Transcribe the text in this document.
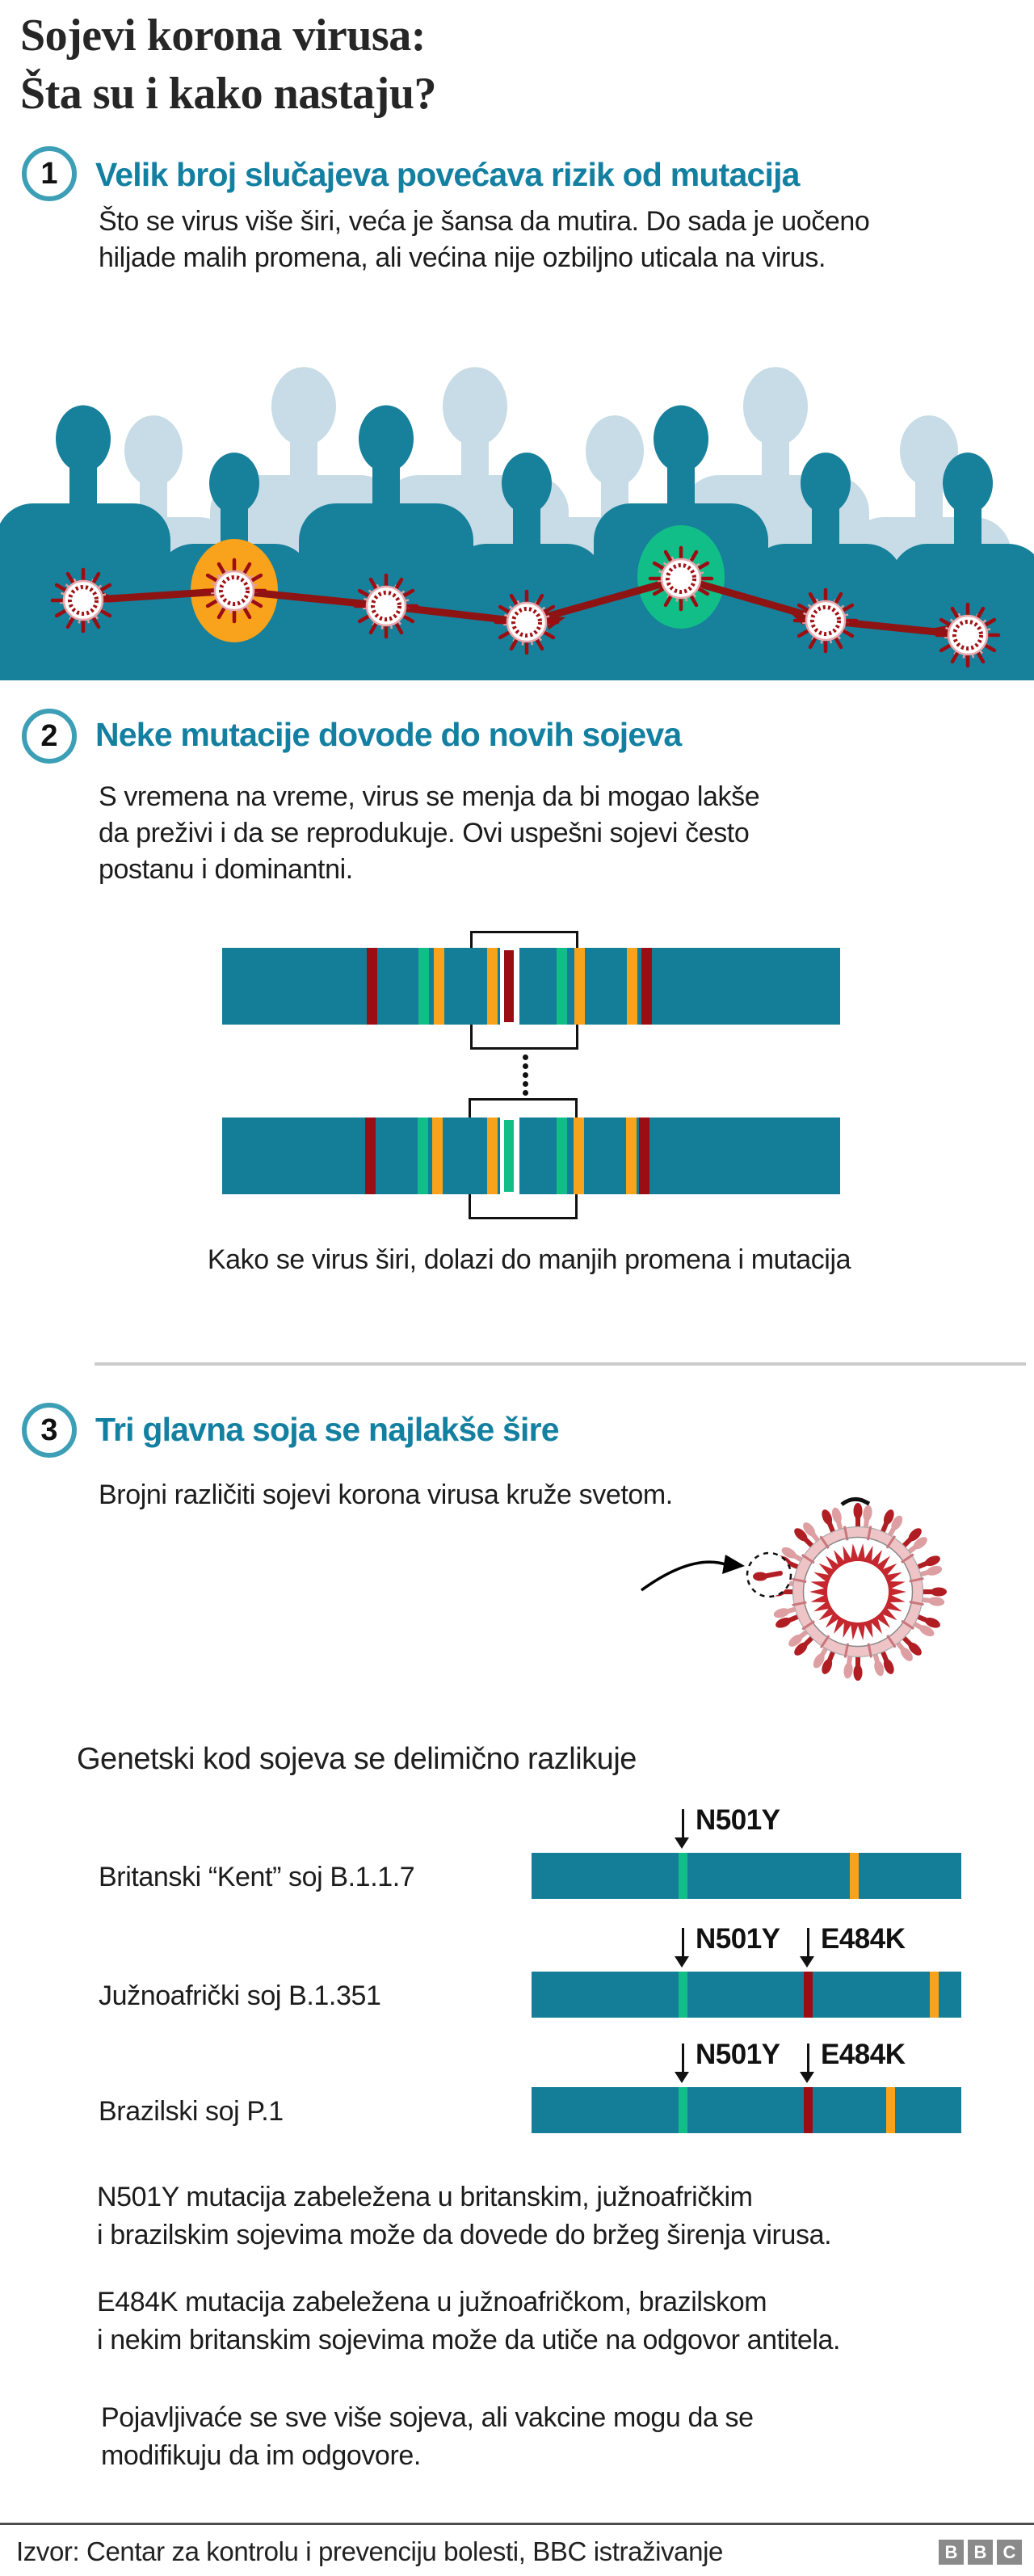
Sojevi korona virusa:
Šta su i kako nastaju?
1 Velik broj slučajeva povećava rizik od mutacija
Što se virus više širi, veća je šansa da mutira. Do sada je uočeno
hiljade malih promena, ali većina nije ozbiljno uticala na virus.
2 Neke mutacije dovode do novih sojeva
S vremena na vreme, virus se menja da bi mogao lakše
da preživi i da se reprodukuje. Ovi uspešni sojevi često
postanu i dominantni.
Kako se virus širi, dolazi do manjih promena i mutacija
3 Tri glavna soja se najlakše šire
Brojni različiti sojevi korona virusa kruže svetom.
Genetski kod sojeva se delimično razlikuje
N501Y mutacija zabeležena u britanskim, južnoafričkim
i brazilskim sojevima može da dovede do bržeg širenja virusa.
E484K mutacija zabeležena u južnoafričkom, brazilskom
i nekim britanskim sojevima može da utiče na odgovor antitela.
Pojavljivaće se sve više sojeva, ali vakcine mogu da se
modifikuju da im odgovore.
Izvor: Centar za kontrolu i prevenciju bolesti, BBC istraživanje	B B C
Britanski “Kent” soj B.1.1.7
N501Y
Južnoafrički soj B.1.351
N501Y E484K
Brazilski soj P.1
N501Y E484K
